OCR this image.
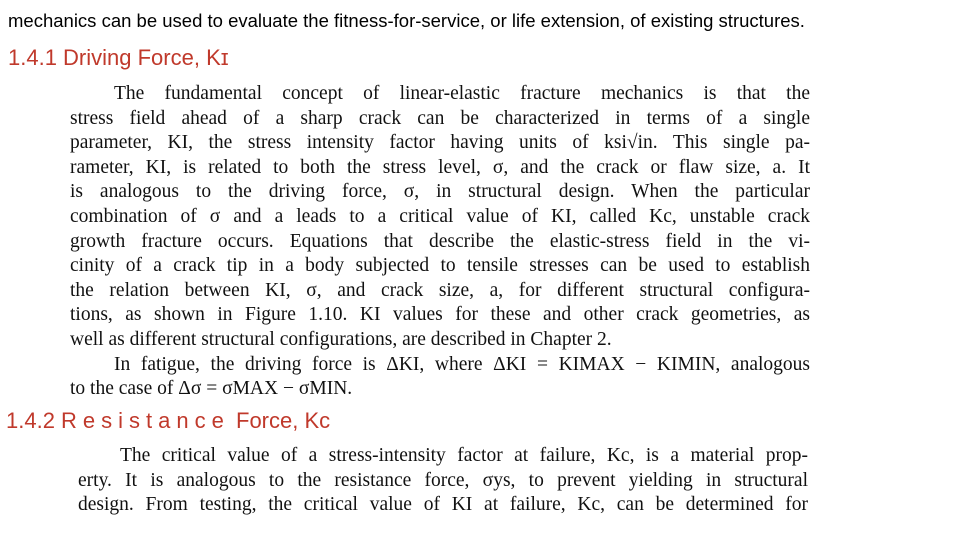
mechanics can be used to evaluate the fitness-for-service, or life extension, of existing structures.
1.4.1 Driving Force, Kɪ
The fundamental concept of linear-elastic fracture mechanics is that the
stress field ahead of a sharp crack can be characterized in terms of a single
parameter, KI, the stress intensity factor having units of ksi√in. This single pa-
rameter, KI, is related to both the stress level, σ, and the crack or flaw size, a. It
is analogous to the driving force, σ, in structural design. When the particular
combination of σ and a leads to a critical value of KI, called Kc, unstable crack
growth fracture occurs. Equations that describe the elastic-stress field in the vi-
cinity of a crack tip in a body subjected to tensile stresses can be used to establish
the relation between KI, σ, and crack size, a, for different structural configura-
tions, as shown in Figure 1.10. KI values for these and other crack geometries, as
well as different structural configurations, are described in Chapter 2.
In fatigue, the driving force is ΔKI, where ΔKI = KIMAX − KIMIN, analogous
to the case of Δσ = σMAX − σMIN.
1.4.2 Resistance Force, Kc
The critical value of a stress-intensity factor at failure, Kc, is a material prop-
erty. It is analogous to the resistance force, σys, to prevent yielding in structural
design. From testing, the critical value of KI at failure, Kc, can be determined for
